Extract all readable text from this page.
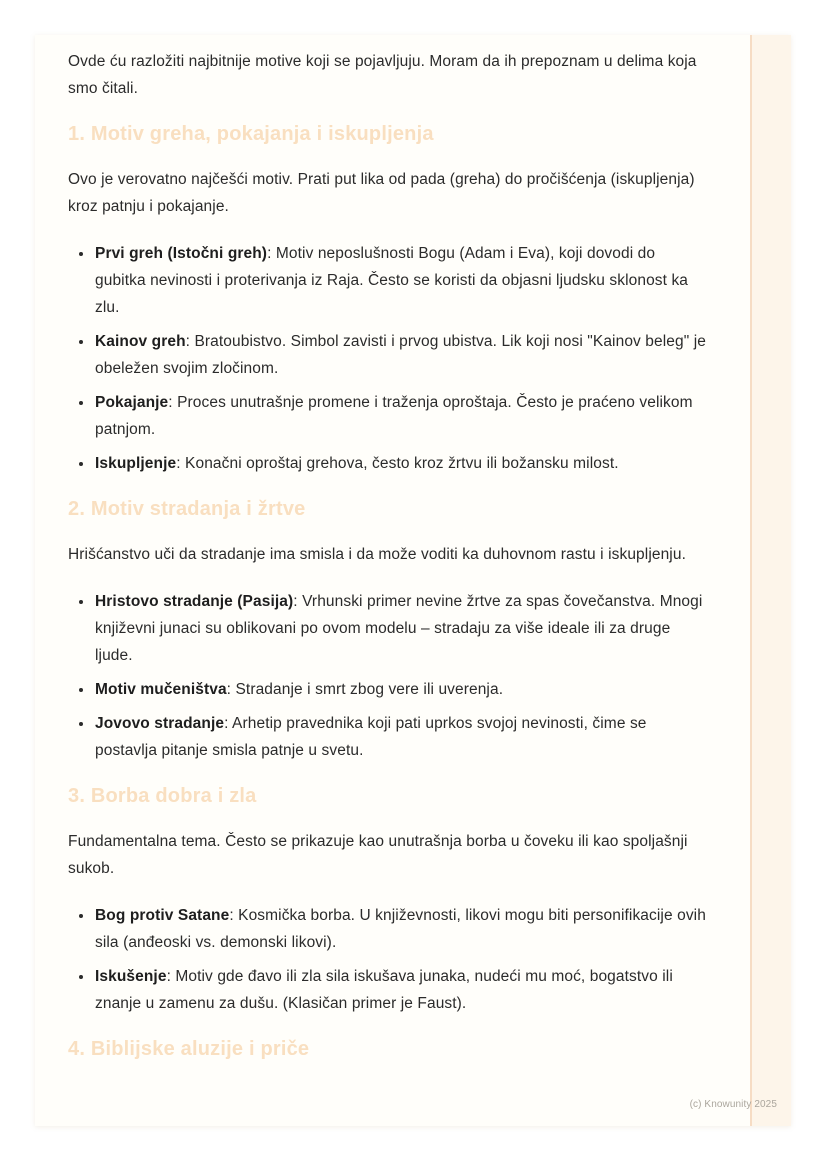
Ovde ću razložiti najbitnije motive koji se pojavljuju. Moram da ih prepoznam u delima koja smo čitali.

1. Motiv greha, pokajanja i iskupljenja

Ovo je verovatno najčešći motiv. Prati put lika od pada (greha) do pročišćenja (iskupljenja) kroz patnju i pokajanje.

• Prvi greh (Istočni greh): Motiv neposlušnosti Bogu (Adam i Eva), koji dovodi do gubitka nevinosti i proterivanja iz Raja. Često se koristi da objasni ljudsku sklonost ka zlu.
• Kainov greh: Bratoubistvo. Simbol zavisti i prvog ubistva. Lik koji nosi "Kainov beleg" je obeležen svojim zločinom.
• Pokajanje: Proces unutrašnje promene i traženja oproštaja. Često je praćeno velikom patnjom.
• Iskupljenje: Konačni oproštaj grehova, često kroz žrtvu ili božansku milost.
2. Motiv stradanja i žrtve

Hrišćanstvo uči da stradanje ima smisla i da može voditi ka duhovnom rastu i iskupljenju.

• Hristovo stradanje (Pasija): Vrhunski primer nevine žrtve za spas čovečanstva. Mnogi književni junaci su oblikovani po ovom modelu – stradaju za više ideale ili za druge ljude.
• Motiv mučeništva: Stradanje i smrt zbog vere ili uverenja.
• Jovovo stradanje: Arhetip pravednika koji pati uprkos svojoj nevinosti, čime se postavlja pitanje smisla patnje u svetu.
3. Borba dobra i zla

Fundamentalna tema. Često se prikazuje kao unutrašnja borba u čoveku ili kao spoljašnji sukob.

• Bog protiv Satane: Kosmička borba. U književnosti, likovi mogu biti personifikacije ovih sila (anđeoski vs. demonski likovi).
• Iskušenje: Motiv gde đavo ili zla sila iskušava junaka, nudeći mu moć, bogatstvo ili znanje u zamenu za dušu. (Klasičan primer je Faust).
4. Biblijske aluzije i priče
(c) Knowunity 2025
